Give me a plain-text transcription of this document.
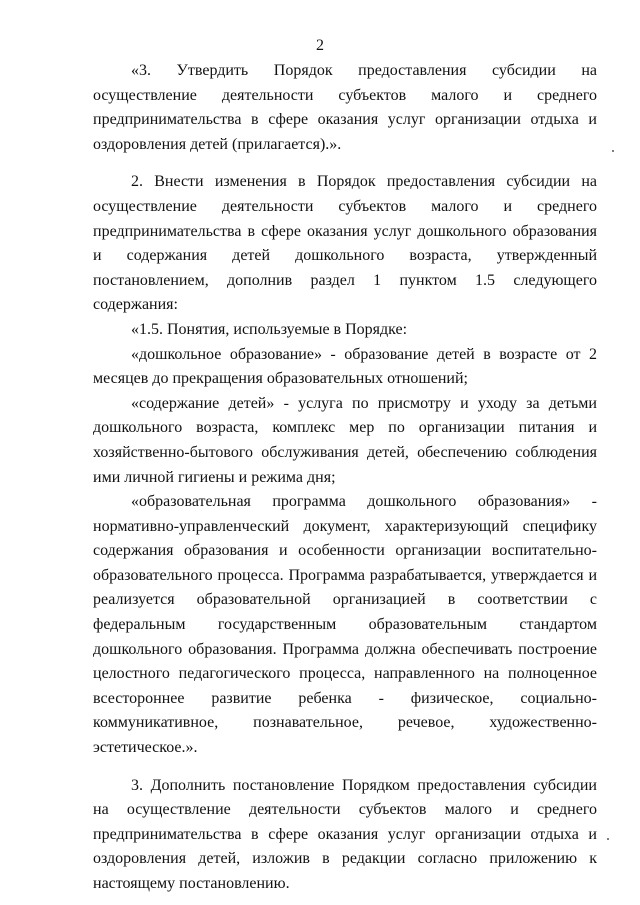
2

«3. Утвердить Порядок предоставления субсидии на осуществление деятельности субъектов малого и среднего предпринимательства в сфере оказания услуг организации отдыха и оздоровления детей (прилагается).».

2. Внести изменения в Порядок предоставления субсидии на осуществление деятельности субъектов малого и среднего предпринимательства в сфере оказания услуг дошкольного образования и содержания детей дошкольного возраста, утвержденный постановлением, дополнив раздел 1 пунктом 1.5 следующего содержания:

«1.5. Понятия, используемые в Порядке:

«дошкольное образование» - образование детей в возрасте от 2 месяцев до прекращения образовательных отношений;

«содержание детей» - услуга по присмотру и уходу за детьми дошкольного возраста, комплекс мер по организации питания и хозяйственно-бытового обслуживания детей, обеспечению соблюдения ими личной гигиены и режима дня;

«образовательная программа дошкольного образования» - нормативно-управленческий документ, характеризующий специфику содержания образования и особенности организации воспитательно-образовательного процесса. Программа разрабатывается, утверждается и реализуется образовательной организацией в соответствии с федеральным государственным образовательным стандартом дошкольного образования. Программа должна обеспечивать построение целостного педагогического процесса, направленного на полноценное всестороннее развитие ребенка - физическое, социально-коммуникативное, познавательное, речевое, художественно-эстетическое.».

3. Дополнить постановление Порядком предоставления субсидии на осуществление деятельности субъектов малого и среднего предпринимательства в сфере оказания услуг организации отдыха и оздоровления детей, изложив в редакции согласно приложению к настоящему постановлению.
